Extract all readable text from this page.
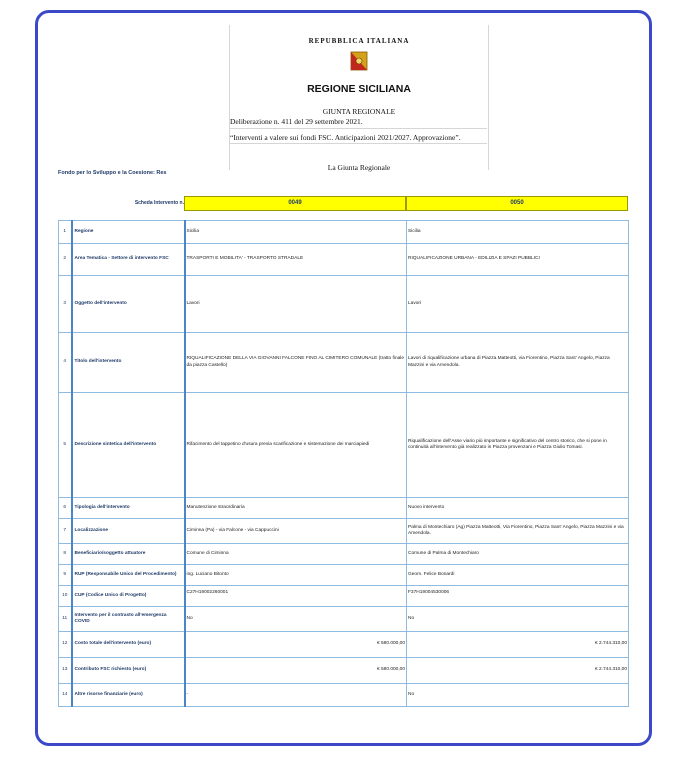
REPUBBLICA ITALIANA
REGIONE SICILIANA
GIUNTA REGIONALE
La Giunta Regionale
Deliberazione n. 411 del 29 settembre 2021.
“Interventi a valere sui fondi FSC. Anticipazioni 2021/2027. Approvazione”.
Fondo per lo Sviluppo e la Coesione: Res
Scheda Intervento n.	0049	0050
1	Regione	Sicilia	Sicilia
2	Area Tematica - Settore di intervento FSC	TRASPORTI E MOBILITA' - TRASPORTO STRADALE	RIQUALIFICAZIONE URBANA - EDILIZIA E SPAZI PUBBLICI
3	Oggetto dell'intervento	Lavori	Lavori
4	Titolo dell'intervento	RIQUALIFICAZIONE DELLA VIA GIOVANNI FALCONE FINO AL CIMITERO COMUNALE (tratto finale da piazza Castello)	Lavori di riqualificazione urbana di Piazza Matteotti, via Fiorentino, Piazza Sant' Angelo, Piazza Mazzini e via Amendola.
5	Descrizione sintetica dell'intervento	Rifacimento del tappetino d'usura previa scarificazione e sistemazione dei marciapiedi	Riqualificazione dell'Asse viario più importante e significativo del centro storico, che si pone in continuità all'intervento già realizzato in Piazza provenzani e Piazza Giulio Tomasi.
6	Tipologia dell'intervento	Manutenzione straordinaria	Nuovo intervento
7	Localizzazione	Ciminna (Pa) - via Falcone - via Cappuccini	Palma di Montechiaro (Ag) Piazza Matteotti, Via Fiorentino, Piazza Sant' Angelo, Piazza Mazzini e via Amendola.
8	Beneficiario/soggetto attuatore	Comune di Ciminna	Comune di Palma di Montechiaro
9	RUP (Responsabile Unico del Procedimento)	ing. Luciano Bitonto	Geom. Felice Bonardi
10	CUP (Codice Unico di Progetto)	C27H19002260001	F37H19004530006
11	Intervento per il contrasto all'emergenza COVID	No	No
12	Costo totale dell'intervento (euro)	€ 580.000,00	€ 2.744.310,00
13	Contributo FSC richiesto (euro)	€ 580.000,00	€ 2.744.310,00
14	Altre risorse finanziarie (euro)	-	No
